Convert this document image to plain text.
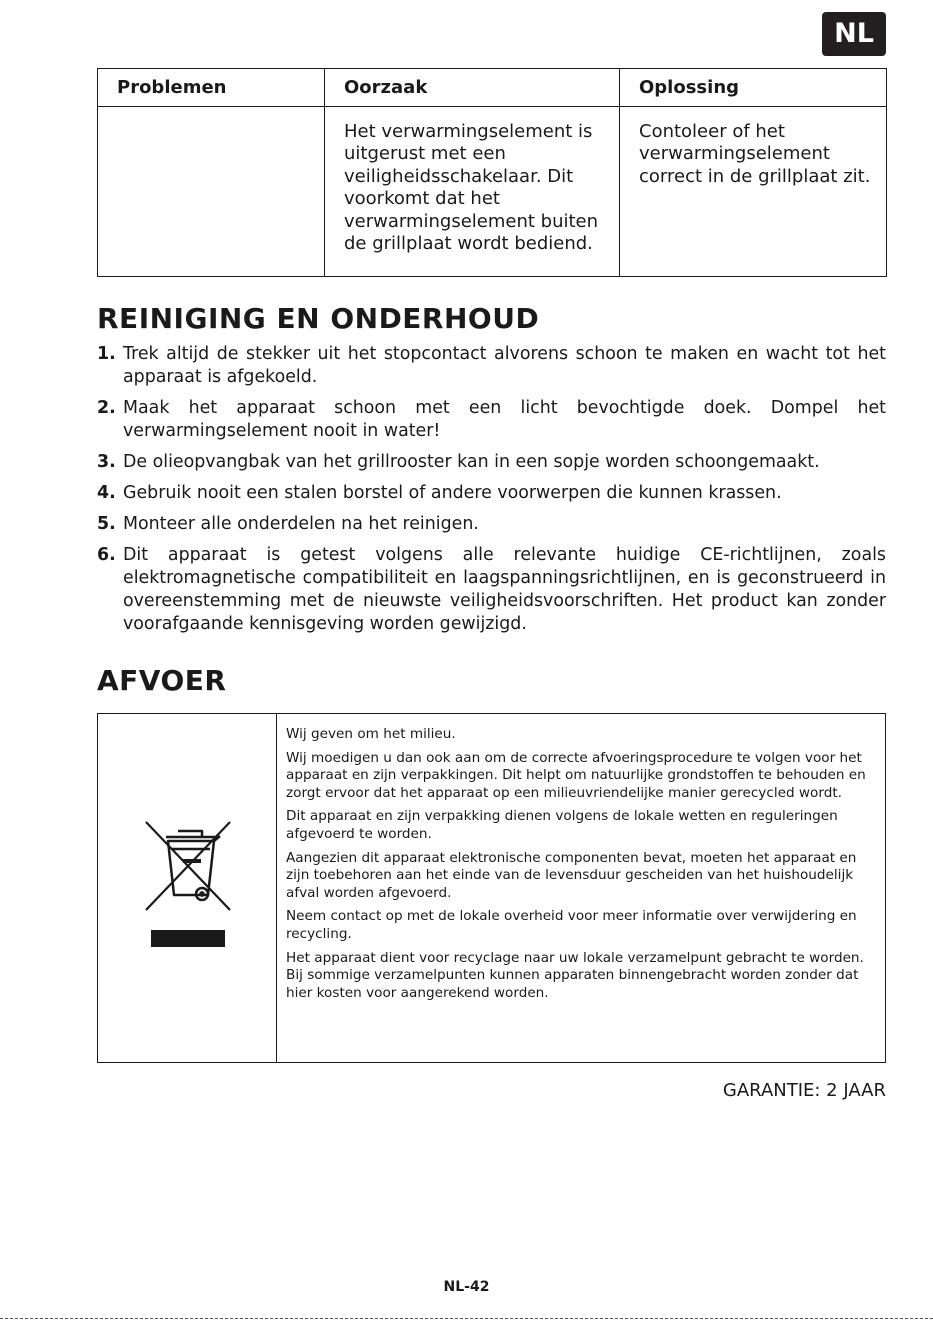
NL
Problemen	Oorzaak	Oplossing
	Het verwarmingselement is uitgerust met een veiligheidsschakelaar. Dit voorkomt dat het verwarmingselement buiten de grillplaat wordt bediend.	Contoleer of het verwarmingselement correct in de grillplaat zit.
REINIGING EN ONDERHOUD
1. Trek altijd de stekker uit het stopcontact alvorens schoon te maken en wacht tot het apparaat is afgekoeld.
2. Maak het apparaat schoon met een licht bevochtigde doek. Dompel het verwarmingselement nooit in water!
3. De olieopvangbak van het grillrooster kan in een sopje worden schoongemaakt.
4. Gebruik nooit een stalen borstel of andere voorwerpen die kunnen krassen.
5. Monteer alle onderdelen na het reinigen.
6. Dit apparaat is getest volgens alle relevante huidige CE-richtlijnen, zoals elektromagnetische compatibiliteit en laagspanningsrichtlijnen, en is geconstrueerd in overeenstemming met de nieuwste veiligheidsvoorschriften. Het product kan zonder voorafgaande kennisgeving worden gewijzigd.
AFVOER

Wij geven om het milieu.

Wij moedigen u dan ook aan om de correcte afvoeringsprocedure te volgen voor het apparaat en zijn verpakkingen. Dit helpt om natuurlijke grondstoffen te behouden en zorgt ervoor dat het apparaat op een milieuvriendelijke manier gerecycled wordt.

Dit apparaat en zijn verpakking dienen volgens de lokale wetten en reguleringen afgevoerd te worden.

Aangezien dit apparaat elektronische componenten bevat, moeten het apparaat en zijn toebehoren aan het einde van de levensduur gescheiden van het huishoudelijk afval worden afgevoerd.

Neem contact op met de lokale overheid voor meer informatie over verwijdering en recycling.

Het apparaat dient voor recyclage naar uw lokale verzamelpunt gebracht te worden. Bij sommige verzamelpunten kunnen apparaten binnengebracht worden zonder dat hier kosten voor aangerekend worden.

GARANTIE: 2 JAAR
NL-42
